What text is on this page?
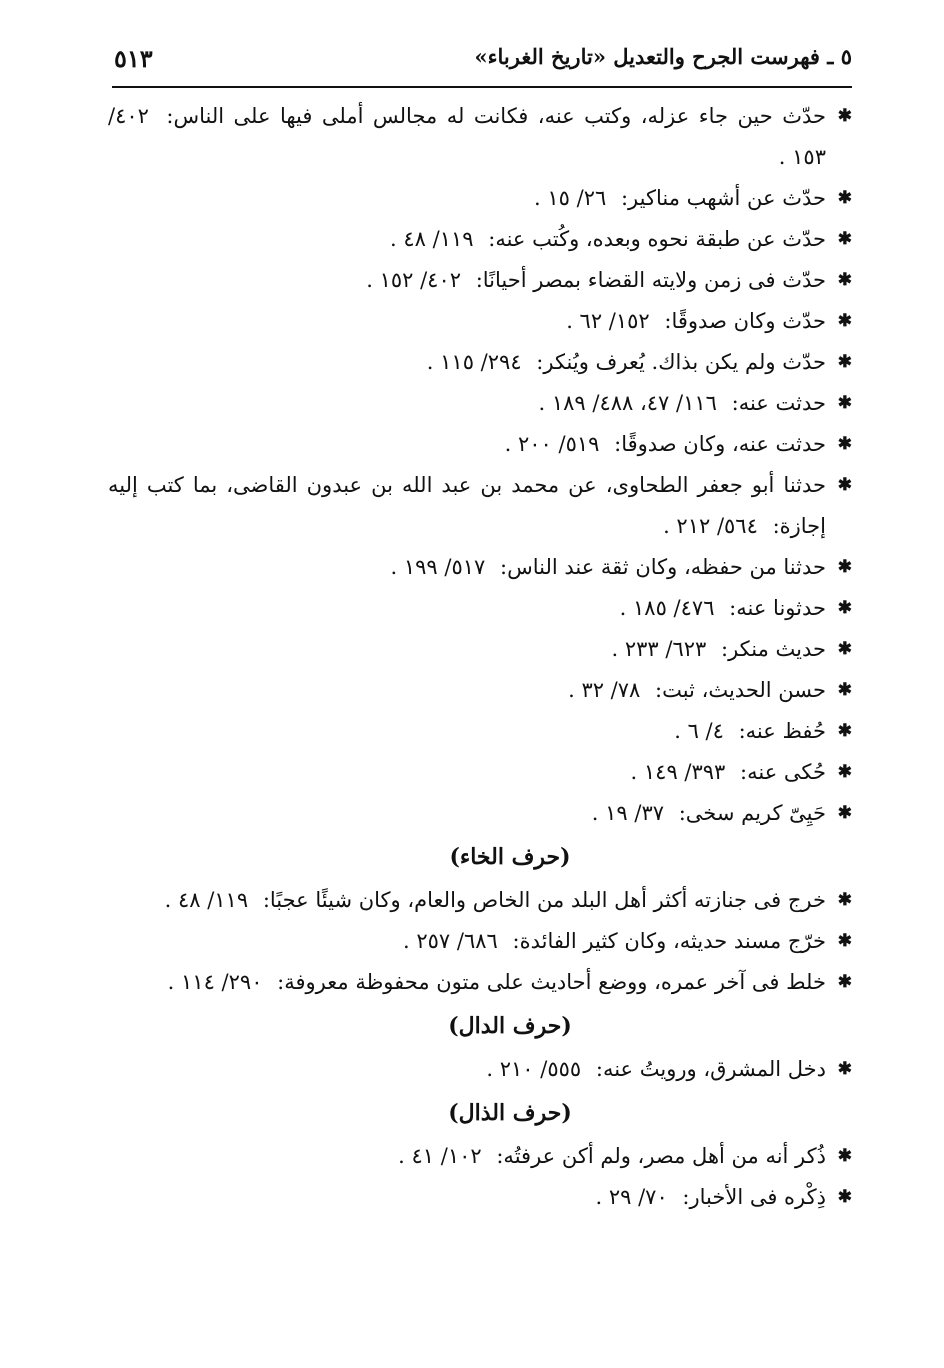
٥ ـ فهرست الجرح والتعديل «تاريخ الغرباء»
٥١٣
✱
حدّث حين جاء عزله، وكتب عنه، فكانت له مجالس أملى فيها على الناس: ٤٠٢/ ١٥٣ .
✱
حدّث عن أشهب مناكير: ٢٦/ ١٥ .
✱
حدّث عن طبقة نحوه وبعده، وكُتب عنه: ١١٩/ ٤٨ .
✱
حدّث فى زمن ولايته القضاء بمصر أحيانًا: ٤٠٢/ ١٥٢ .
✱
حدّث وكان صدوقًا: ١٥٢/ ٦٢ .
✱
حدّث ولم يكن بذاك. يُعرف ويُنكر: ٢٩٤/ ١١٥ .
✱
حدثت عنه: ١١٦/ ٤٧، ٤٨٨/ ١٨٩ .
✱
حدثت عنه، وكان صدوقًا: ٥١٩/ ٢٠٠ .
✱
حدثنا أبو جعفر الطحاوى، عن محمد بن عبد الله بن عبدون القاضى، بما كتب إليه إجازة: ٥٦٤/ ٢١٢ .
✱
حدثنا من حفظه، وكان ثقة عند الناس: ٥١٧/ ١٩٩ .
✱
حدثونا عنه: ٤٧٦/ ١٨٥ .
✱
حديث منكر: ٦٢٣/ ٢٣٣ .
✱
حسن الحديث، ثبت: ٧٨/ ٣٢ .
✱
حُفظ عنه: ٤/ ٦ .
✱
حُكى عنه: ٣٩٣/ ١٤٩ .
✱
حَيِىّ كريم سخى: ٣٧/ ١٩ .
(حرف الخاء)
✱
خرج فى جنازته أكثر أهل البلد من الخاص والعام، وكان شيئًا عجبًا: ١١٩/ ٤٨ .
✱
خرّج مسند حديثه، وكان كثير الفائدة: ٦٨٦/ ٢٥٧ .
✱
خلط فى آخر عمره، ووضع أحاديث على متون محفوظة معروفة: ٢٩٠/ ١١٤ .
(حرف الدال)
✱
دخل المشرق، ورويتُ عنه: ٥٥٥/ ٢١٠ .
(حرف الذال)
✱
ذُكر أنه من أهل مصر، ولم أكن عرفتُه: ١٠٢/ ٤١ .
✱
ذِكْره فى الأخبار: ٧٠/ ٢٩ .
